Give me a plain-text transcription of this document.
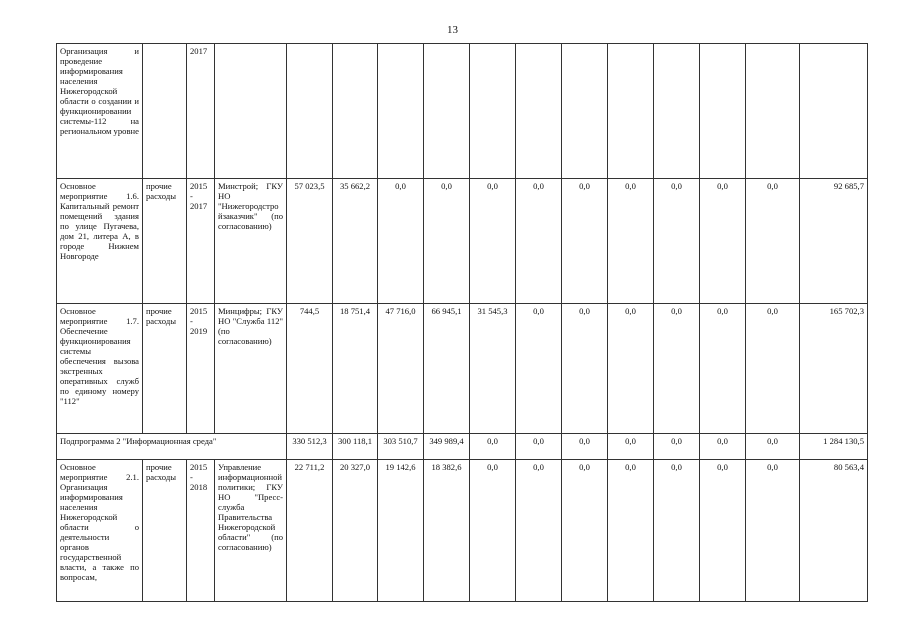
13
Организация и проведение информирования населения Нижегородской области о создании и функционировании системы-112 на региональном уровне		2017													
Основное мероприятие 1.6. Капитальный ремонт помещений здания по улице Пугачева, дом 21, литера А, в городе Нижнем Новгороде	прочие расходы	2015 - 2017	Минстрой; ГКУ НО "Нижегородстройзаказчик" (по согласованию)	57 023,5	35 662,2	0,0	0,0	0,0	0,0	0,0	0,0	0,0	0,0	0,0	92 685,7
Основное мероприятие 1.7. Обеспечение функционирования системы обеспечения вызова экстренных оперативных служб по единому номеру "112"	прочие расходы	2015 - 2019	Минцифры; ГКУ НО "Служба 112" (по согласованию)	744,5	18 751,4	47 716,0	66 945,1	31 545,3	0,0	0,0	0,0	0,0	0,0	0,0	165 702,3
Подпрограмма 2 "Информационная среда"				330 512,3	300 118,1	303 510,7	349 989,4	0,0	0,0	0,0	0,0	0,0	0,0	0,0	1 284 130,5
Основное мероприятие 2.1. Организация информирования населения Нижегородской области о деятельности органов государственной власти, а также по вопросам,	прочие расходы	2015 - 2018	Управление информационной политики; ГКУ НО "Пресс-служба Правительства Нижегородской области" (по согласованию)	22 711,2	20 327,0	19 142,6	18 382,6	0,0	0,0	0,0	0,0	0,0	0,0	0,0	80 563,4
